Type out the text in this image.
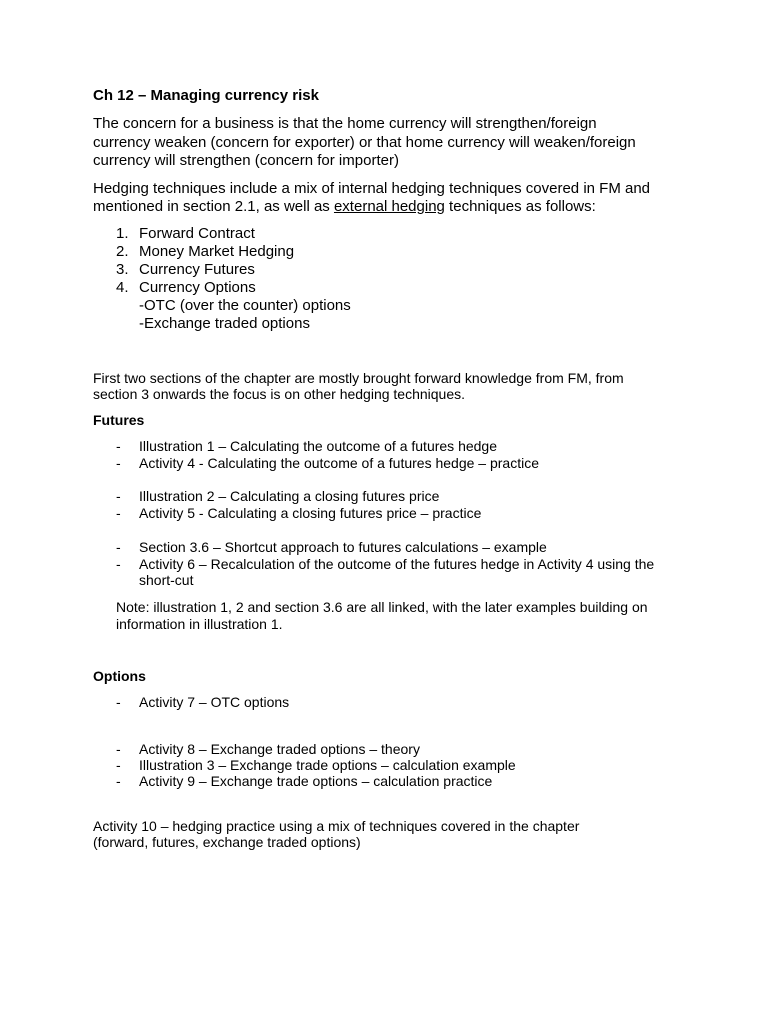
Ch 12 – Managing currency risk
The concern for a business is that the home currency will strengthen/foreign
currency weaken (concern for exporter) or that home currency will weaken/foreign
currency will strengthen (concern for importer)
Hedging techniques include a mix of internal hedging techniques covered in FM and
mentioned in section 2.1, as well as external hedging techniques as follows:
1. Forward Contract
2. Money Market Hedging
3. Currency Futures
4. Currency Options
-OTC (over the counter) options
-Exchange traded options
First two sections of the chapter are mostly brought forward knowledge from FM, from
section 3 onwards the focus is on other hedging techniques.
Futures
- Illustration 1 – Calculating the outcome of a futures hedge
- Activity 4 - Calculating the outcome of a futures hedge – practice
- Illustration 2 – Calculating a closing futures price
- Activity 5 - Calculating a closing futures price – practice
- Section 3.6 – Shortcut approach to futures calculations – example
- Activity 6 – Recalculation of the outcome of the futures hedge in Activity 4 using the
short-cut
Note: illustration 1, 2 and section 3.6 are all linked, with the later examples building on
information in illustration 1.
Options
- Activity 7 – OTC options
- Activity 8 – Exchange traded options – theory
- Illustration 3 – Exchange trade options – calculation example
- Activity 9 – Exchange trade options – calculation practice
Activity 10 – hedging practice using a mix of techniques covered in the chapter
(forward, futures, exchange traded options)
